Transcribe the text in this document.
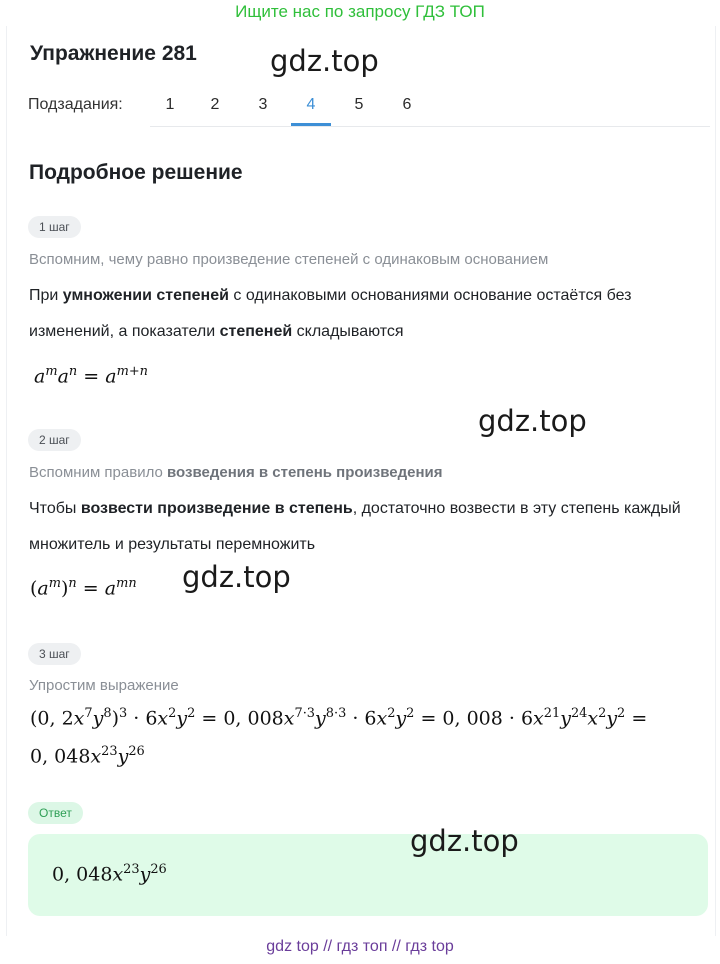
Ищите нас по запросу ГДЗ ТОП
Упражнение 281	gdz.top
Подзадания:	1	2	3	4	5	6
Подробное решение
1 шаг
Вспомним, чему равно произведение степеней с одинаковым основанием
При умножении степеней с одинаковыми основаниями основание остаётся без изменений, а показатели степеней складываются
$a^ma^n = a^{m+n}$
gdz.top
2 шаг
Вспомним правило возведения в степень произведения
Чтобы возвести произведение в степень, достаточно возвести в эту степень каждый множитель и результаты перемножить
$(a^m)^n = a^{mn}$ gdz.top
3 шаг
Упростим выражение
(0, $2x^7y^8)^3 \cdot 6x^2y^2 = 0$, $008x^{7\cdot 3}y^{8\cdot 3} \cdot 6x^2y^2 = 0$, $008 \cdot 6x^{21}y^{24}x^2y^2$ =
0, $048x^{23}y^{26}$
Ответ
0, $048x^{23}y^{26}$
gdz.top
gdz top // гдз топ // гдз top
